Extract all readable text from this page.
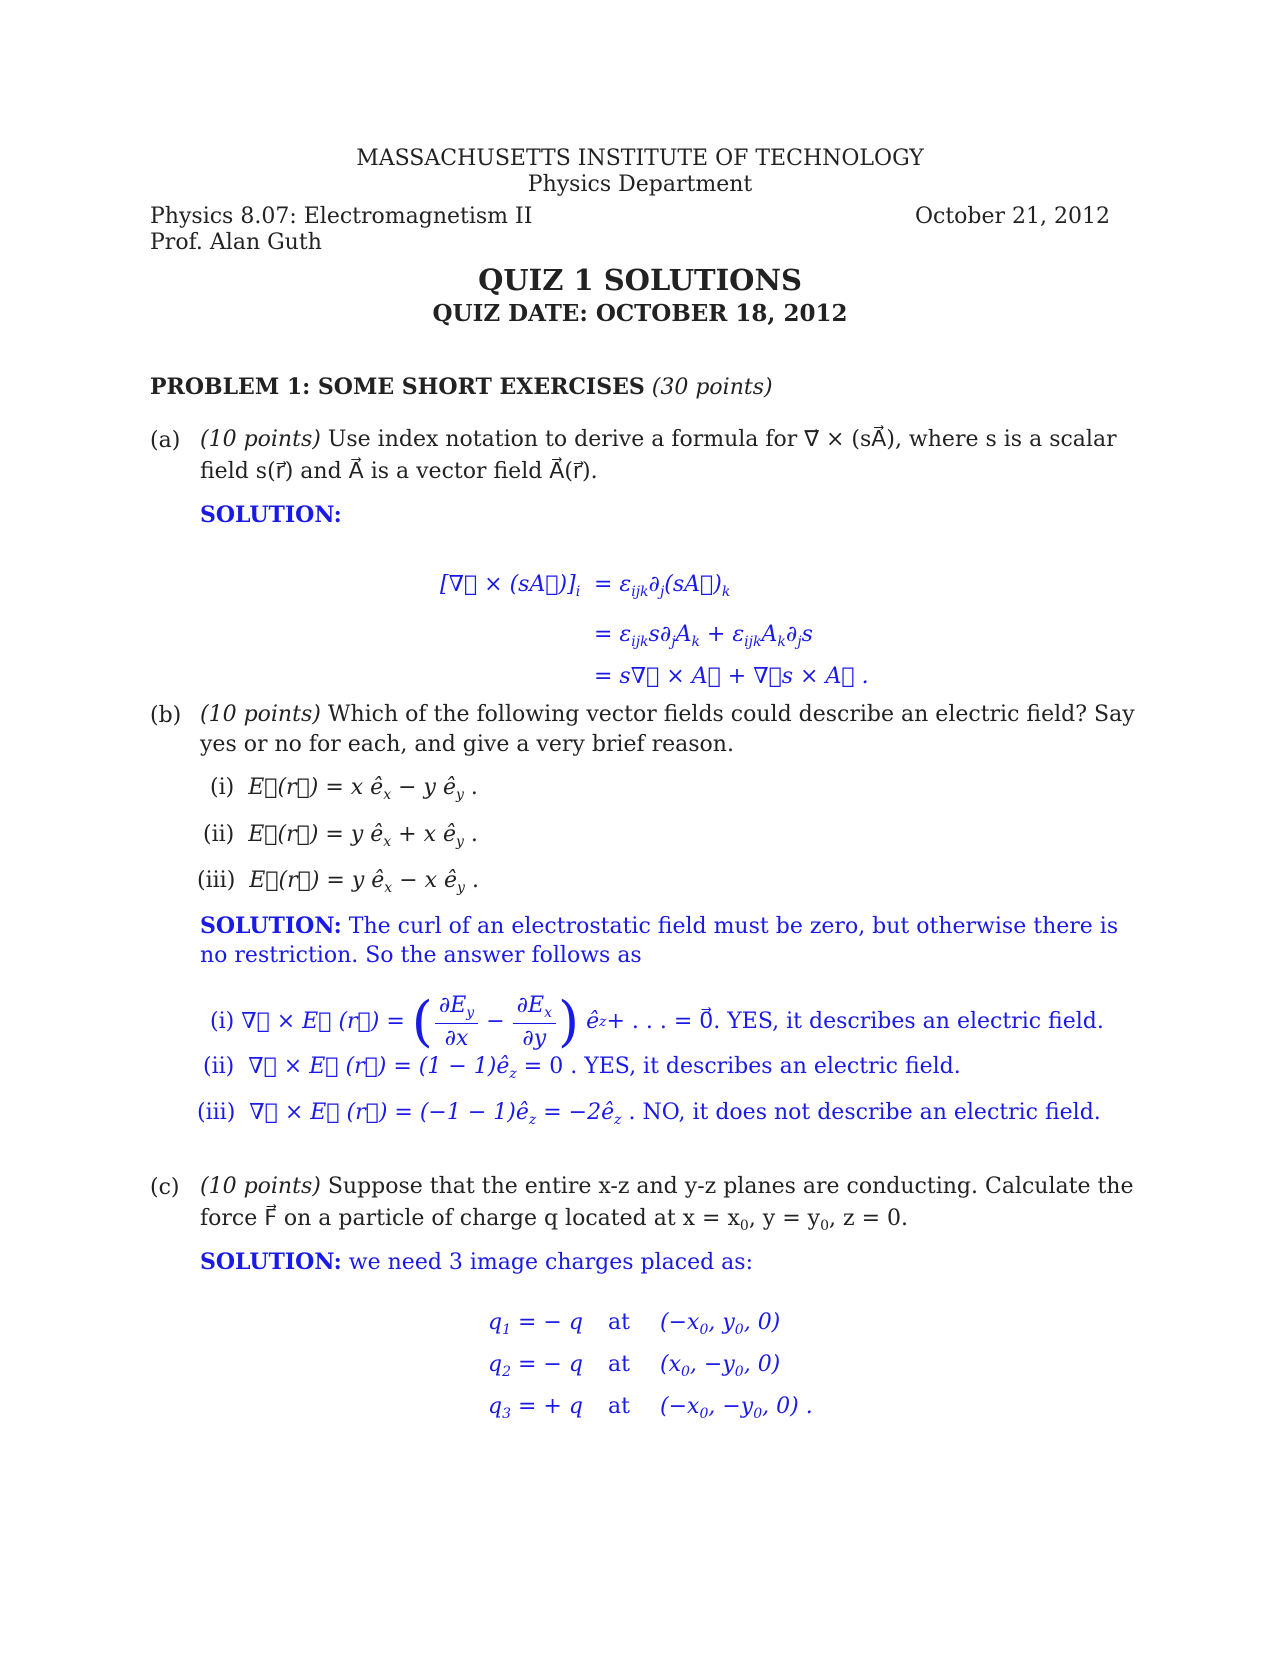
MASSACHUSETTS INSTITUTE OF TECHNOLOGY
Physics Department
Physics 8.07: Electromagnetism II	October 21, 2012
Prof. Alan Guth
QUIZ 1 SOLUTIONS
QUIZ DATE: OCTOBER 18, 2012
PROBLEM 1: SOME SHORT EXERCISES (30 points)
(a) (10 points) Use index notation to derive a formula for ∇⃗ × (sA⃗), where s is a scalar
field s(r⃗) and A⃗ is a vector field A⃗(r⃗).
SOLUTION:
[∇⃗ × $(sA⃗)]_i$ = $\varepsilon_{ijk}\partial_j(sA⃗)_k$
= $\varepsilon_{ijk}s\partial_jA_k + \varepsilon_{ijk}A_k\partial_js$
= s∇⃗ × A⃗ + ∇⃗s × A⃗ .
(b) (10 points) Which of the following vector fields could describe an electric field? Say
yes or no for each, and give a very brief reason.
(i) E⃗(r⃗) = x $ê_x - y$ $ê_y$ .
(ii) E⃗(r⃗) = y $ê_x + x$ $ê_y$ .
(iii) E⃗(r⃗) = y $ê_x - x$ $ê_y$ .
SOLUTION: The curl of an electrostatic field must be zero, but otherwise there is
no restriction. So the answer follows as
(i)
∇⃗ × E⃗ (r⃗) =
( $\frac{\partial E_y}{\partial x} - \frac{\partial E_x}{\partial y}$ )
ê z + . . . = 0⃗. YES, it describes an electric field.
(ii) ∇⃗ × E⃗ (r⃗) = $(1 - 1)ê_z = 0$ . YES, it describes an electric field.
(iii) ∇⃗ × E⃗ (r⃗) = $(-1 - 1)ê_z$ = $-2ê_z$ . NO, it does not describe an electric field.
(c) (10 points) Suppose that the entire x-z and y-z planes are conducting. Calculate the
force F⃗ on a particle of charge q located at $x = x_0$, $y = y_0$, z = 0.
SOLUTION: we need 3 image charges placed as:
$q_1$ = − q at ($-x_0$, $y_0$, 0)
$q_2$ = − q at ($x_0$, $-y_0$, 0)
$q_3$ = + q at ($-x_0$, $-y_0$, 0) .
